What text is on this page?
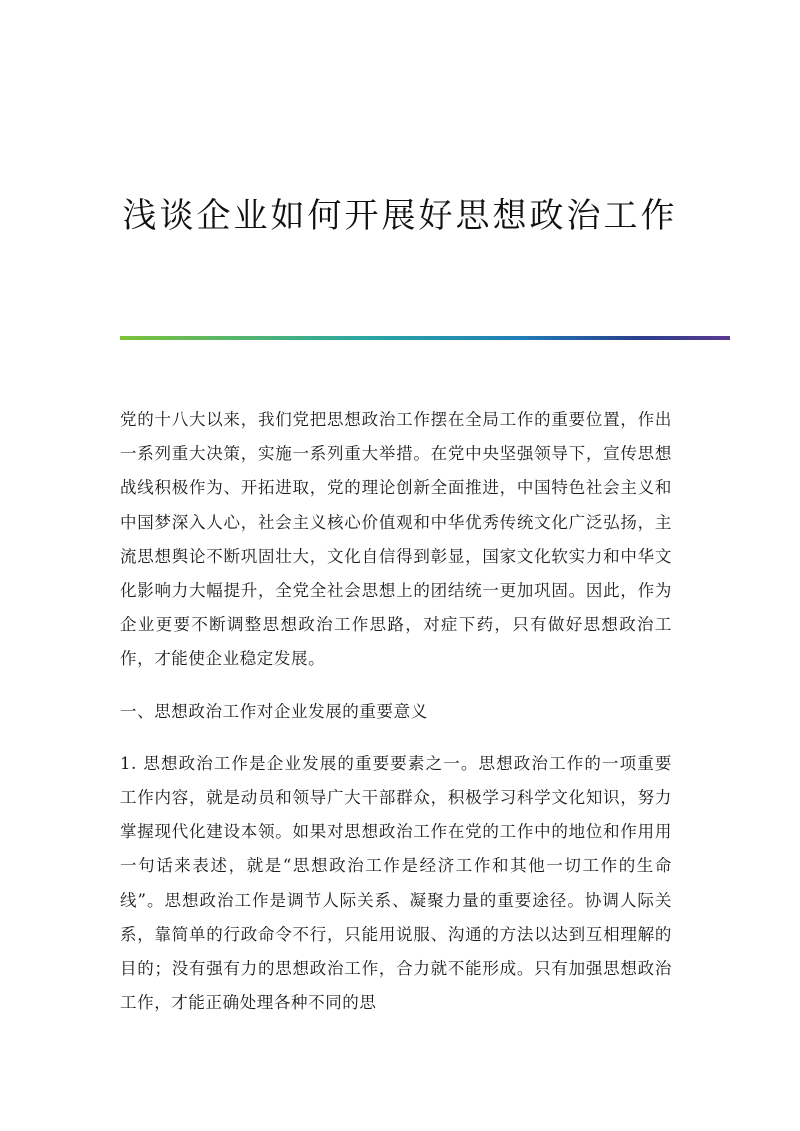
浅谈企业如何开展好思想政治工作

党的十八大以来，我们党把思想政治工作摆在全局工作的重要位置，作出一系列重大决策，实施一系列重大举措。在党中央坚强领导下，宣传思想战线积极作为、开拓进取，党的理论创新全面推进，中国特色社会主义和中国梦深入人心，社会主义核心价值观和中华优秀传统文化广泛弘扬，主流思想舆论不断巩固壮大，文化自信得到彰显，国家文化软实力和中华文化影响力大幅提升，全党全社会思想上的团结统一更加巩固。因此，作为企业更要不断调整思想政治工作思路，对症下药，只有做好思想政治工作，才能使企业稳定发展。

一、思想政治工作对企业发展的重要意义

1. 思想政治工作是企业发展的重要要素之一。思想政治工作的一项重要工作内容，就是动员和领导广大干部群众，积极学习科学文化知识，努力掌握现代化建设本领。如果对思想政治工作在党的工作中的地位和作用用一句话来表述，就是“思想政治工作是经济工作和其他一切工作的生命线”。思想政治工作是调节人际关系、凝聚力量的重要途径。协调人际关系，靠简单的行政命令不行，只能用说服、沟通的方法以达到互相理解的目的；没有强有力的思想政治工作，合力就不能形成。只有加强思想政治工作，才能正确处理各种不同的思
